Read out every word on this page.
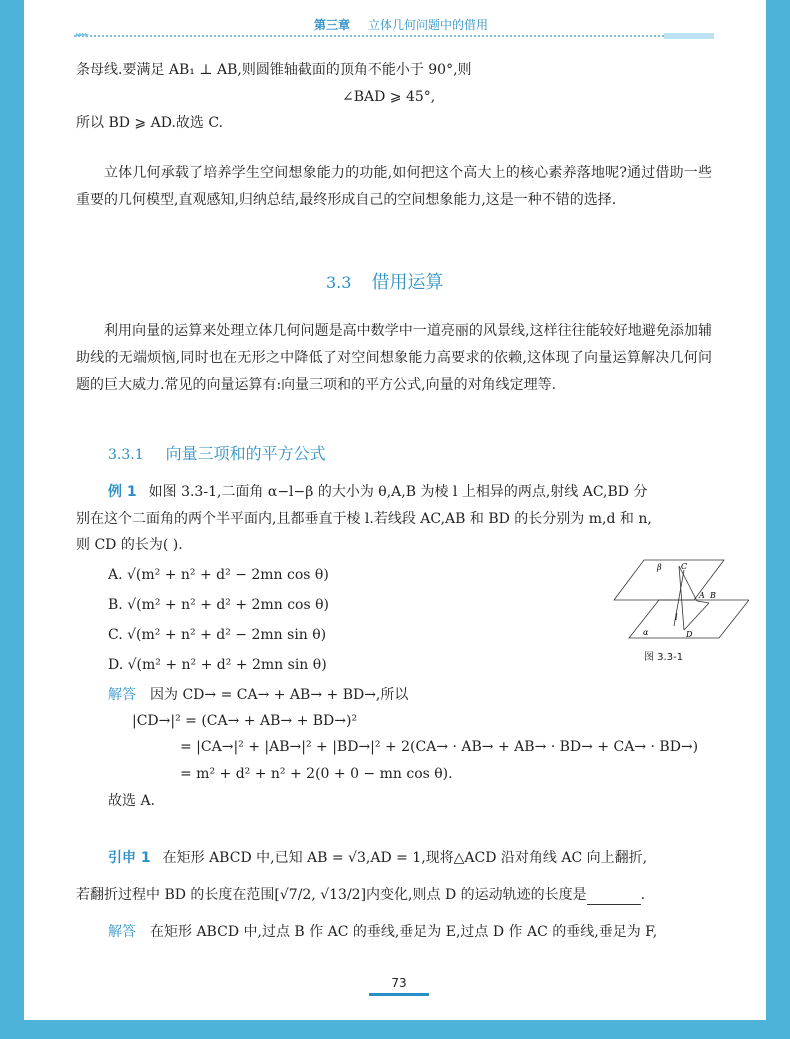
第三章 立体几何问题中的借用
▸▸▸▸
条母线.要满足 AB₁ ⊥ AB,则圆锥轴截面的顶角不能小于 90°,则
∠BAD ⩾ 45°,
所以 BD ⩾ AD.故选 C.
立体几何承载了培养学生空间想象能力的功能,如何把这个高大上的核心素养落地呢?通过借助一些重要的几何模型,直观感知,归纳总结,最终形成自己的空间想象能力,这是一种不错的选择.
3.3 借用运算
利用向量的运算来处理立体几何问题是高中数学中一道亮丽的风景线,这样往往能较好地避免添加辅助线的无端烦恼,同时也在无形之中降低了对空间想象能力高要求的依赖,这体现了向量运算解决几何问题的巨大威力.常见的向量运算有:向量三项和的平方公式,向量的对角线定理等.
3.3.1 向量三项和的平方公式
例 1 如图 3.3-1,二面角 α−l−β 的大小为 θ,A,B 为棱 l 上相异的两点,射线 AC,BD 分
别在这个二面角的两个半平面内,且都垂直于棱 l.若线段 AC,AB 和 BD 的长分别为 m,d 和 n,
则 CD 的长为( ).
A. √(m² + n² + d² − 2mn cos θ)
B. √(m² + n² + d² + 2mn cos θ)
C. √(m² + n² + d² − 2mn sin θ)
D. √(m² + n² + d² + 2mn sin θ)
β C
A B
l
α	D
图 3.3-1
解答 因为 CD→ = CA→ + AB→ + BD→,所以
|CD→|² = (CA→ + AB→ + BD→)²
= |CA→|² + |AB→|² + |BD→|² + 2(CA→ · AB→ + AB→ · BD→ + CA→ · BD→)
= m² + d² + n² + 2(0 + 0 − mn cos θ).
故选 A.
引申 1 在矩形 ABCD 中,已知 AB = √3,AD = 1,现将△ACD 沿对角线 AC 向上翻折,
若翻折过程中 BD 的长度在范围[√7/2, √13/2]内变化,则点 D 的运动轨迹的长度是	.
解答 在矩形 ABCD 中,过点 B 作 AC 的垂线,垂足为 E,过点 D 作 AC 的垂线,垂足为 F,
73
